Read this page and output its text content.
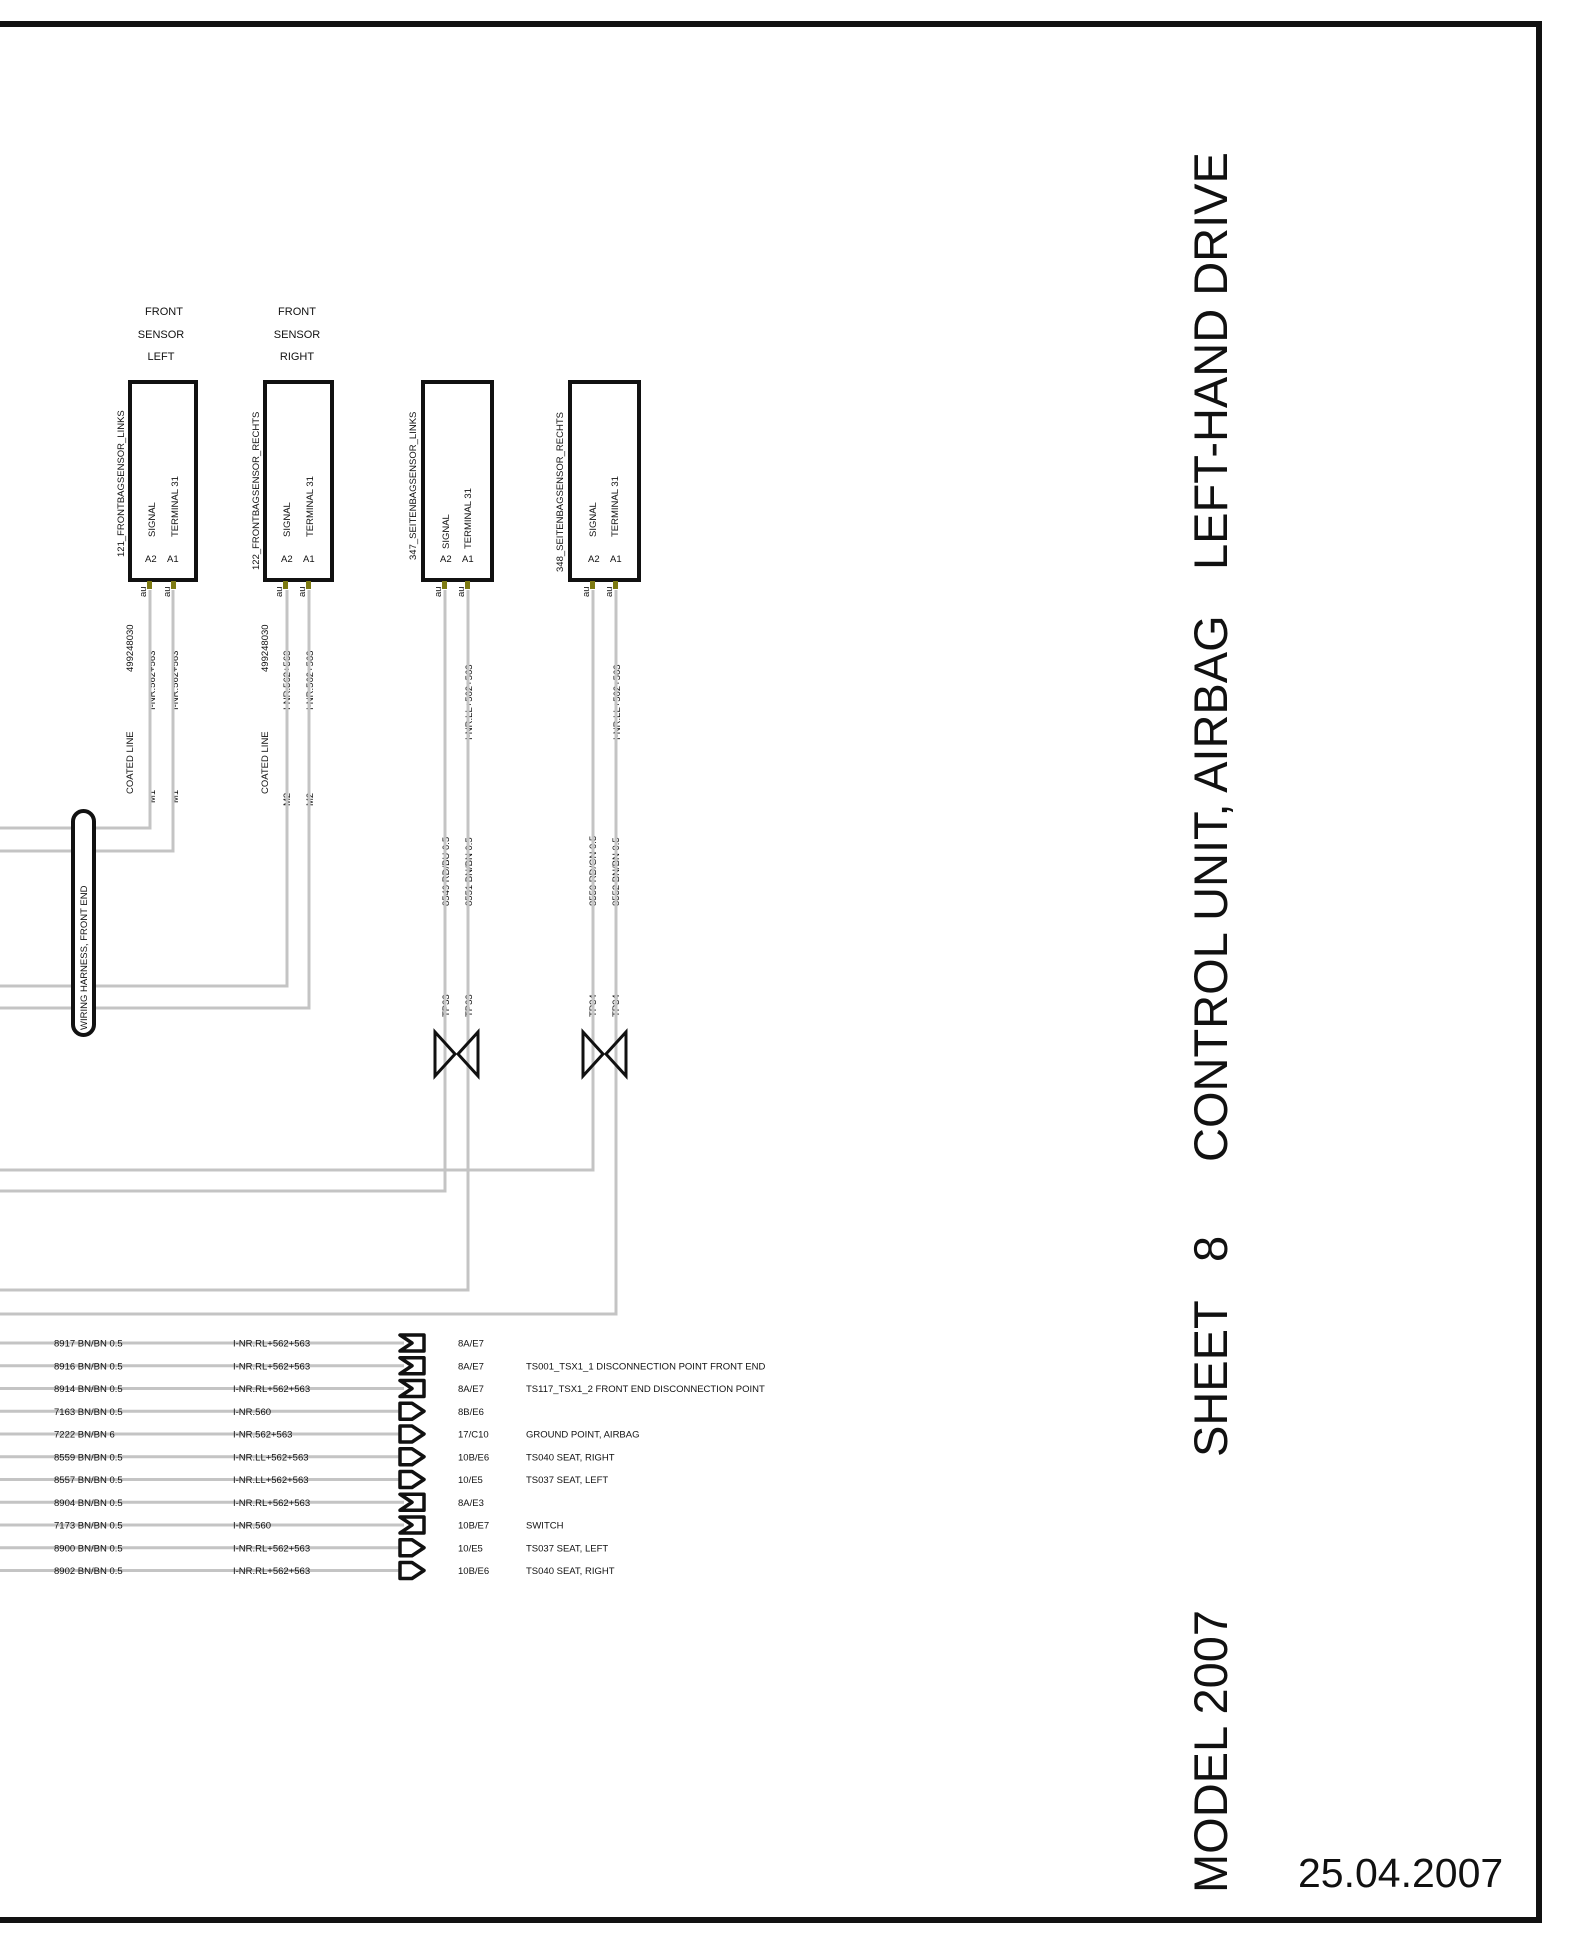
FRONT
SENSOR
LEFT
121_FRONTBAGSENSOR_LINKS SIGNAL TERMINAL 31
A2 A1
au au
499248030
I-NR.562+563 I-NR.562+563
COATED LINE
M1 M1
FRONT
SENSOR
RIGHT
122_FRONTBAGSENSOR_RECHTS SIGNAL TERMINAL 31
A2 A1
au au
499248030
I-NR.562+563 I-NR.562+563
COATED LINE
M2 M2
347_SEITENBAGSENSOR_LINKS SIGNAL TERMINAL 31
A2 A1
au au
I-NR.LL+562+563
8549 RD/BU 0.5 8551 BN/BN 0.5
TP33 TP33
348_SEITENBAGSENSOR_RECHTS SIGNAL TERMINAL 31
A2 A1
au au
I-NR.LL+562+563
8550 RD/GN 0.5 8552 BN/BN 0.5
TP34 TP34
WIRING HARNESS, FRONT END
8917 BN/BN 0.5	I-NR.RL+562+563	8A/E7
8916 BN/BN 0.5	I-NR.RL+562+563	8A/E7	TS001_TSX1_1 DISCONNECTION POINT FRONT END
8914 BN/BN 0.5	I-NR.RL+562+563	8A/E7	TS117_TSX1_2 FRONT END DISCONNECTION POINT
7163 BN/BN 0.5	I-NR.560	8B/E6
7222 BN/BN 6	I-NR.562+563	17/C10	GROUND POINT, AIRBAG
8559 BN/BN 0.5	I-NR.LL+562+563	10B/E6	TS040 SEAT, RIGHT
8557 BN/BN 0.5	I-NR.LL+562+563	10/E5	TS037 SEAT, LEFT
8904 BN/BN 0.5	I-NR.RL+562+563	8A/E3
7173 BN/BN 0.5	I-NR.560	10B/E7	SWITCH
8900 BN/BN 0.5	I-NR.RL+562+563	10/E5	TS037 SEAT, LEFT
8902 BN/BN 0.5	I-NR.RL+562+563	10B/E6	TS040 SEAT, RIGHT
LEFT-HAND DRIVE
CONTROL UNIT, AIRBAG
8
SHEET
MODEL 2007 25.04.2007
